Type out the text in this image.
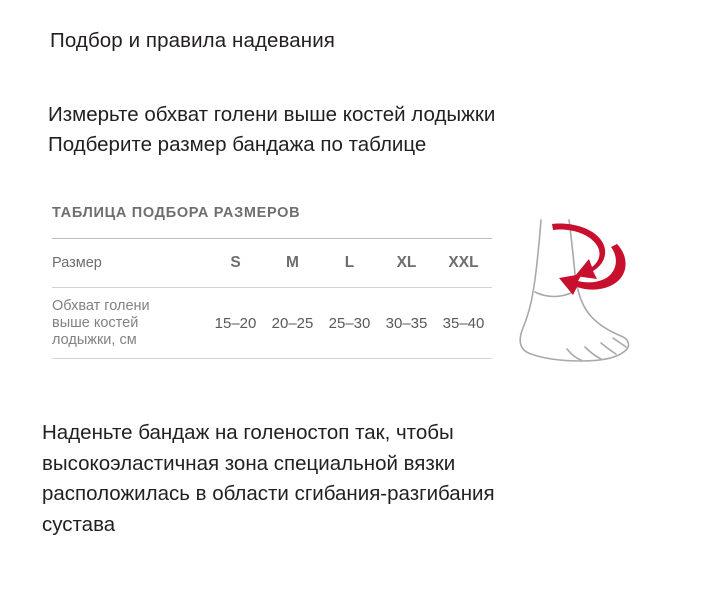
Подбор и правила надевания
Измерьте обхват голени выше костей лодыжки
Подберите размер бандажа по таблице
ТАБЛИЦА ПОДБОРА РАЗМЕРОВ
Размер	S	M	L	XL	XXL
Обхват голени
выше костей
лодыжки, см
15–20	20–25	25–30	30–35	35–40
Наденьте бандаж на голеностоп так, чтобы
высокоэластичная зона специальной вязки
расположилась в области сгибания-разгибания
сустава
